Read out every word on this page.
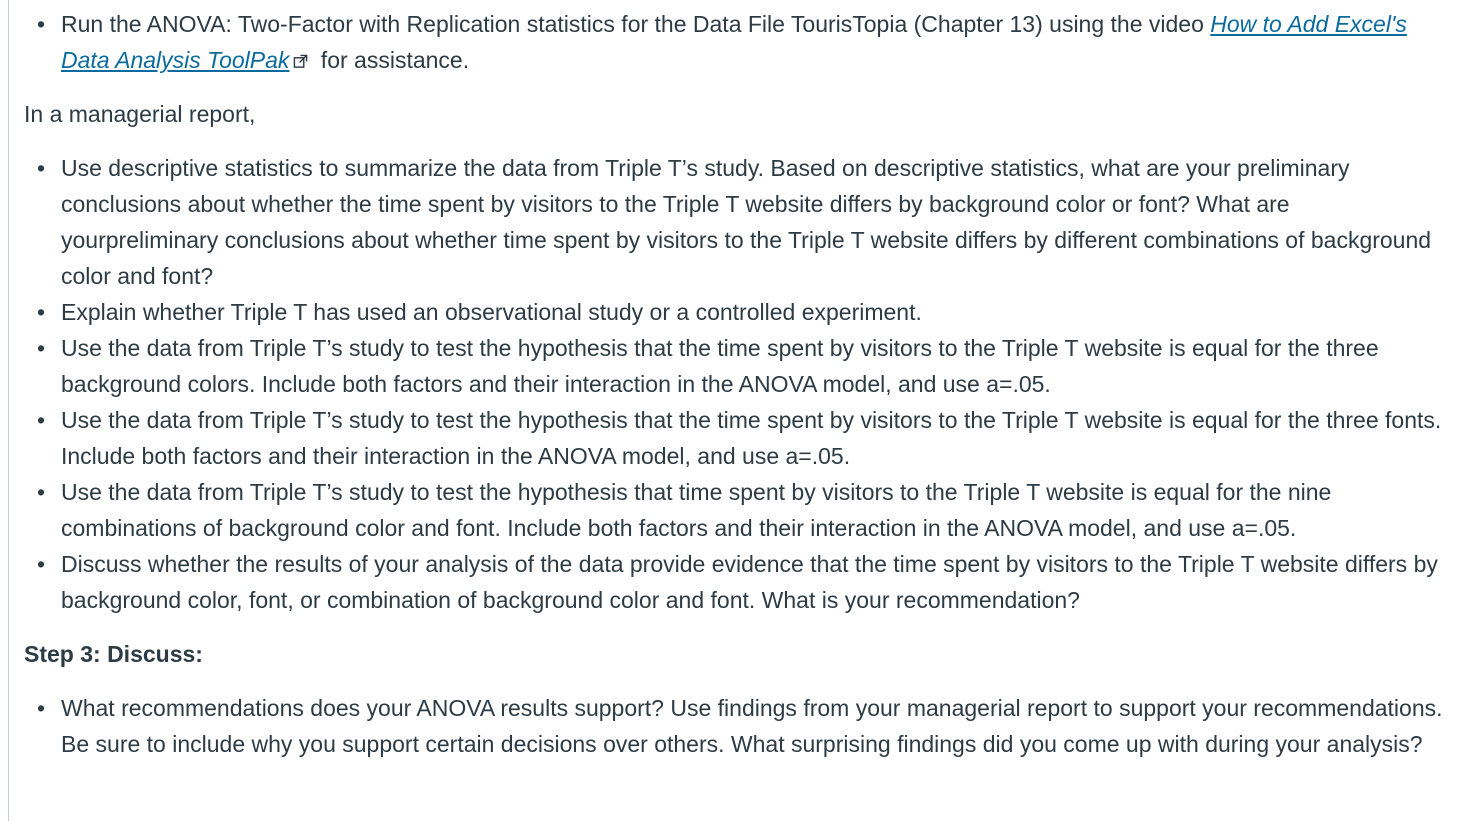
• Run the ANOVA: Two-Factor with Replication statistics for the Data File TourisTopia (Chapter 13) using the video How to Add Excel's Data Analysis ToolPak for assistance.

In a managerial report,

• Use descriptive statistics to summarize the data from Triple T’s study. Based on descriptive statistics, what are your preliminary conclusions about whether the time spent by visitors to the Triple T website differs by background color or font? What are yourpreliminary conclusions about whether time spent by visitors to the Triple T website differs by different combinations of background color and font?
• Explain whether Triple T has used an observational study or a controlled experiment.
• Use the data from Triple T’s study to test the hypothesis that the time spent by visitors to the Triple T website is equal for the three background colors. Include both factors and their interaction in the ANOVA model, and use a=.05.
• Use the data from Triple T’s study to test the hypothesis that the time spent by visitors to the Triple T website is equal for the three fonts. Include both factors and their interaction in the ANOVA model, and use a=.05.
• Use the data from Triple T’s study to test the hypothesis that time spent by visitors to the Triple T website is equal for the nine combinations of background color and font. Include both factors and their interaction in the ANOVA model, and use a=.05.
• Discuss whether the results of your analysis of the data provide evidence that the time spent by visitors to the Triple T website differs by background color, font, or combination of background color and font. What is your recommendation?

Step 3: Discuss:

• What recommendations does your ANOVA results support? Use findings from your managerial report to support your recommendations. Be sure to include why you support certain decisions over others. What surprising findings did you come up with during your analysis?
